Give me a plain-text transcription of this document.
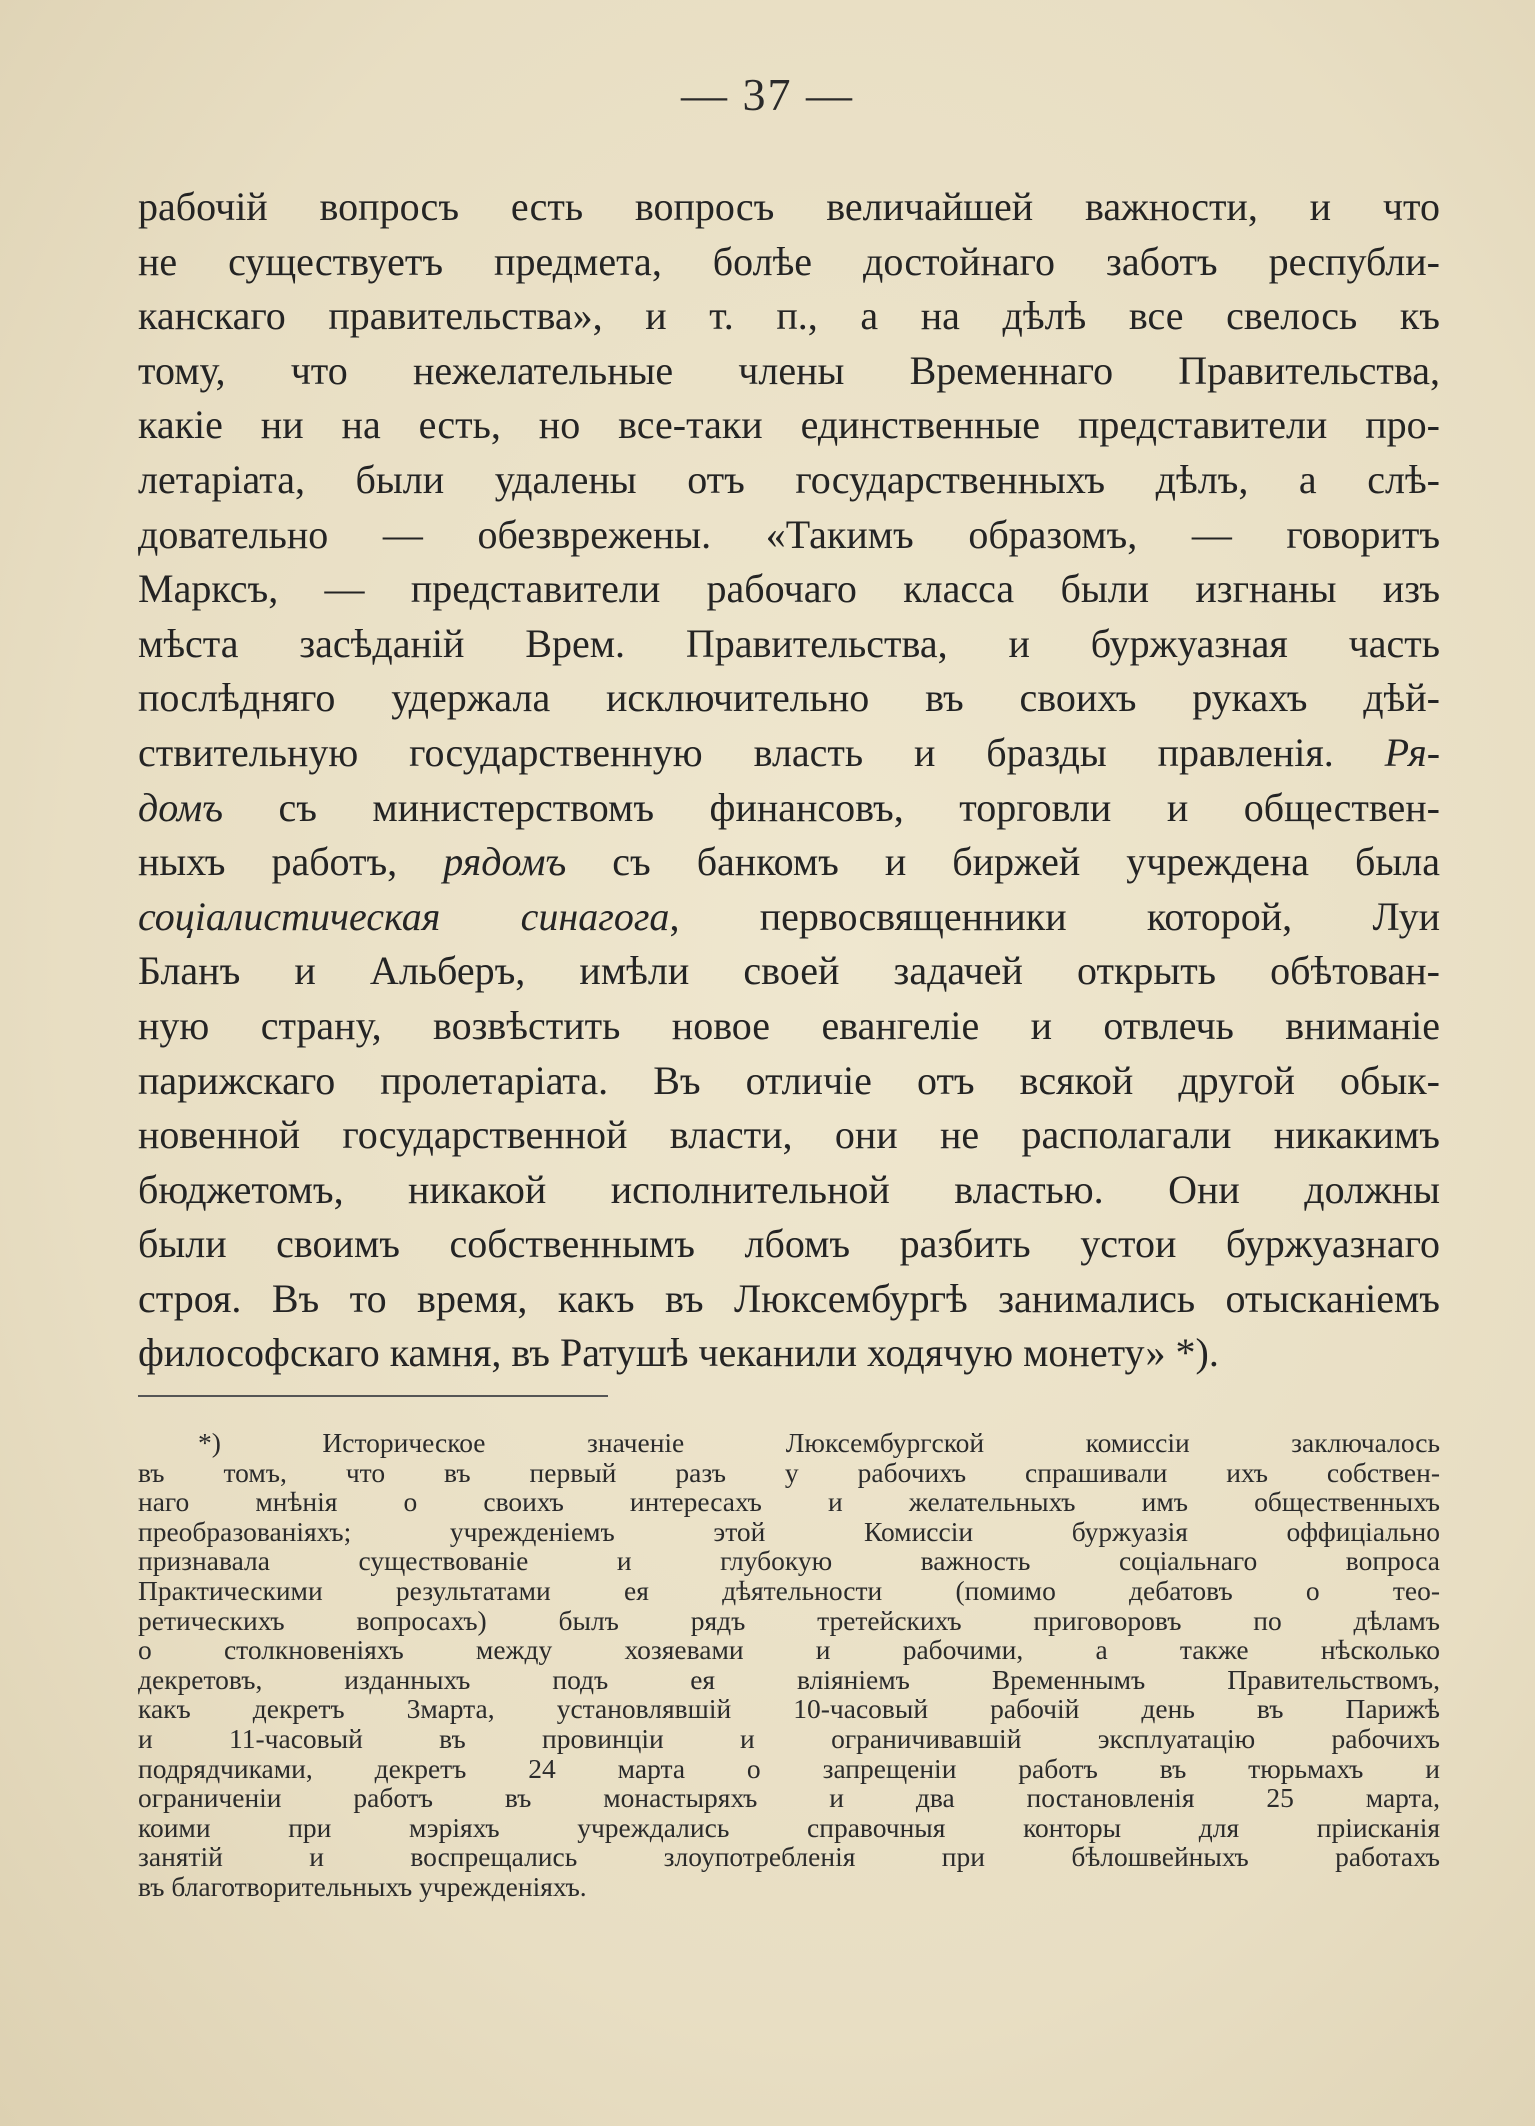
— 37 —
рабочій вопросъ есть вопросъ величайшей важности, и что
не существуетъ предмета, болѣе достойнаго заботъ республи-
канскаго правительства», и т. п., а на дѣлѣ все свелось къ
тому, что нежелательные члены Временнаго Правительства,
какіе ни на есть, но все-таки единственные представители про-
летаріата, были удалены отъ государственныхъ дѣлъ, а слѣ-
довательно — обезврежены. «Такимъ образомъ, — говоритъ
Марксъ, — представители рабочаго класса были изгнаны изъ
мѣста засѣданій Врем. Правительства, и буржуазная часть
послѣдняго удержала исключительно въ своихъ рукахъ дѣй-
ствительную государственную власть и бразды правленія. Ря-
домъ съ министерствомъ финансовъ, торговли и обществен-
ныхъ работъ, рядомъ съ банкомъ и биржей учреждена была
соціалистическая синагога, первосвященники которой, Луи
Бланъ и Альберъ, имѣли своей задачей открыть обѣтован-
ную страну, возвѣстить новое евангеліе и отвлечь вниманіе
парижскаго пролетаріата. Въ отличіе отъ всякой другой обык-
новенной государственной власти, они не располагали никакимъ
бюджетомъ, никакой исполнительной властью. Они должны
были своимъ собственнымъ лбомъ разбить устои буржуазнаго
строя. Въ то время, какъ въ Люксембургѣ занимались отысканіемъ
философскаго камня, въ Ратушѣ чеканили ходячую монету» *).
*) Историческое значеніе Люксембургской комиссіи заключалось
въ томъ, что въ первый разъ у рабочихъ спрашивали ихъ собствен-
наго мнѣнія о своихъ интересахъ и желательныхъ имъ общественныхъ
преобразованіяхъ; учрежденіемъ этой Комиссіи буржуазія оффиціально
признавала существованіе и глубокую важность соціальнаго вопроса
Практическими результатами ея дѣятельности (помимо дебатовъ о тео-
ретическихъ вопросахъ) былъ рядъ третейскихъ приговоровъ по дѣламъ
о столкновеніяхъ между хозяевами и рабочими, а также нѣсколько
декретовъ, изданныхъ подъ ея вліяніемъ Временнымъ Правительствомъ,
какъ декретъ 3марта, установлявшій 10-часовый рабочій день въ Парижѣ
и 11-часовый въ провинціи и ограничивавшій эксплуатацію рабочихъ
подрядчиками, декретъ 24 марта о запрещеніи работъ въ тюрьмахъ и
ограниченіи работъ въ монастыряхъ и два постановленія 25 марта,
коими при мэріяхъ учреждались справочныя конторы для пріисканія
занятій и воспрещались злоупотребленія при бѣлошвейныхъ работахъ
въ благотворительныхъ учрежденіяхъ.
